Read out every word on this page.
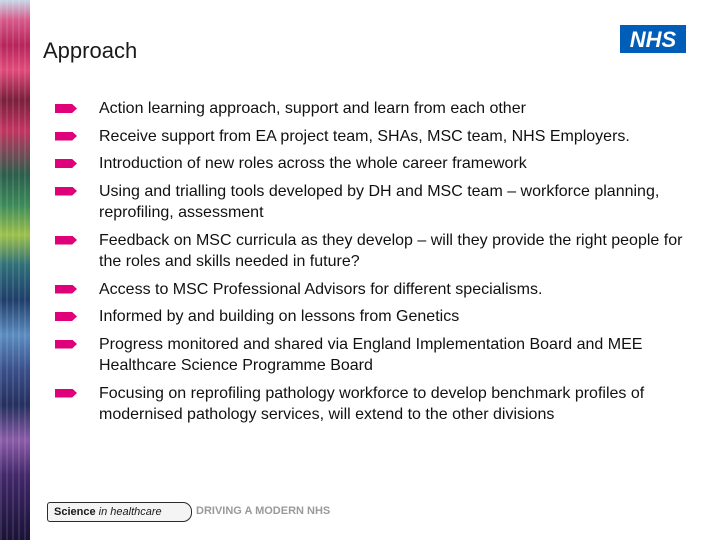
Approach	NHS
Action learning approach, support and learn from each other
Receive support from EA project team, SHAs, MSC team, NHS Employers.
Introduction of new roles across the whole career framework
Using and trialling tools developed by DH and MSC team – workforce planning, reprofiling, assessment
Feedback on MSC curricula as they develop – will they provide the right people for the roles and skills needed in future?
Access to MSC Professional Advisors for different specialisms.
Informed by and building on lessons from Genetics
Progress monitored and shared via England Implementation Board and MEE Healthcare Science Programme Board
Focusing on reprofiling pathology workforce to develop benchmark profiles of modernised pathology services, will extend to the other divisions
Science in healthcare	DRIVING A MODERN NHS
